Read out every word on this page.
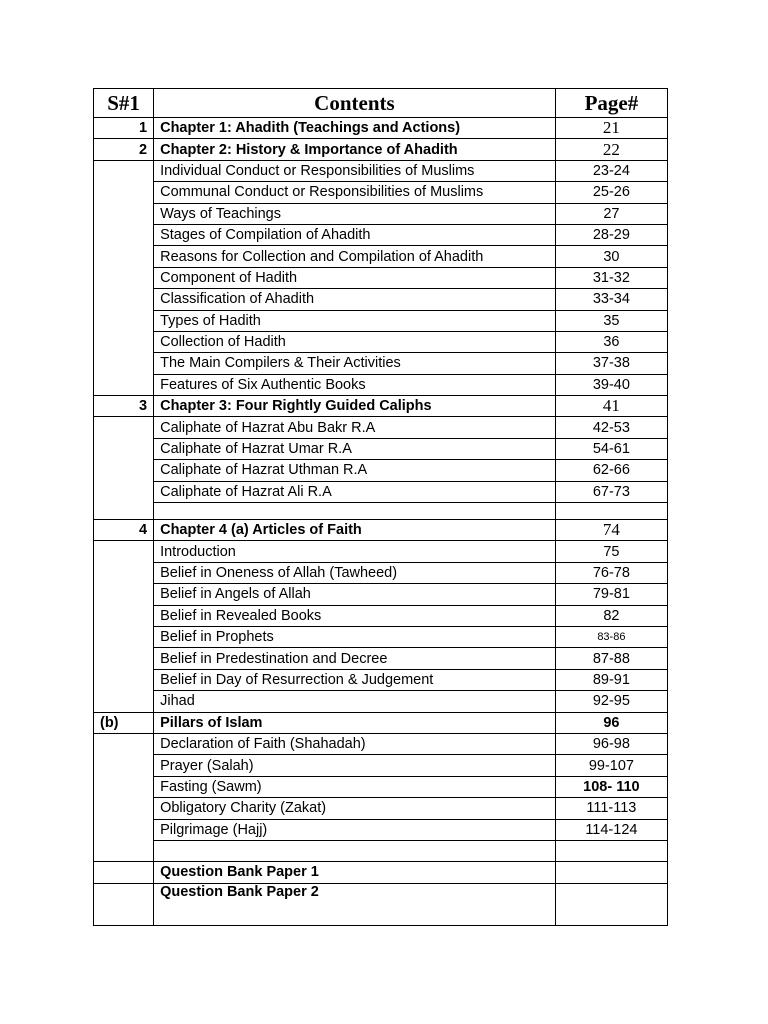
S#1	Contents	Page#
1	Chapter 1: Ahadith (Teachings and Actions)	21
2	Chapter 2: History & Importance of Ahadith	22
	Individual Conduct or Responsibilities of Muslims	23-24
	Communal Conduct or Responsibilities of Muslims	25-26
	Ways of Teachings	27
	Stages of Compilation of Ahadith	28-29
	Reasons for Collection and Compilation of Ahadith	30
	Component of Hadith	31-32
	Classification of Ahadith	33-34
	Types of Hadith	35
	Collection of Hadith	36
	The Main Compilers & Their Activities	37-38
	Features of Six Authentic Books	39-40
3	Chapter 3: Four Rightly Guided Caliphs	41
	Caliphate of Hazrat Abu Bakr R.A	42-53
	Caliphate of Hazrat Umar R.A	54-61
	Caliphate of Hazrat Uthman R.A	62-66
	Caliphate of Hazrat Ali R.A	67-73

4	Chapter 4 (a) Articles of Faith	74
	Introduction	75
	Belief in Oneness of Allah (Tawheed)	76-78
	Belief in Angels of Allah	79-81
	Belief in Revealed Books	82
	Belief in Prophets	83-86
	Belief in Predestination and Decree	87-88
	Belief in Day of Resurrection & Judgement	89-91
	Jihad	92-95
(b)	Pillars of Islam	96
	Declaration of Faith (Shahadah)	96-98
	Prayer (Salah)	99-107
	Fasting (Sawm)	108- 110
	Obligatory Charity (Zakat)	111-113
	Pilgrimage (Hajj)	114-124

	Question Bank Paper 1	
	Question Bank Paper 2	
